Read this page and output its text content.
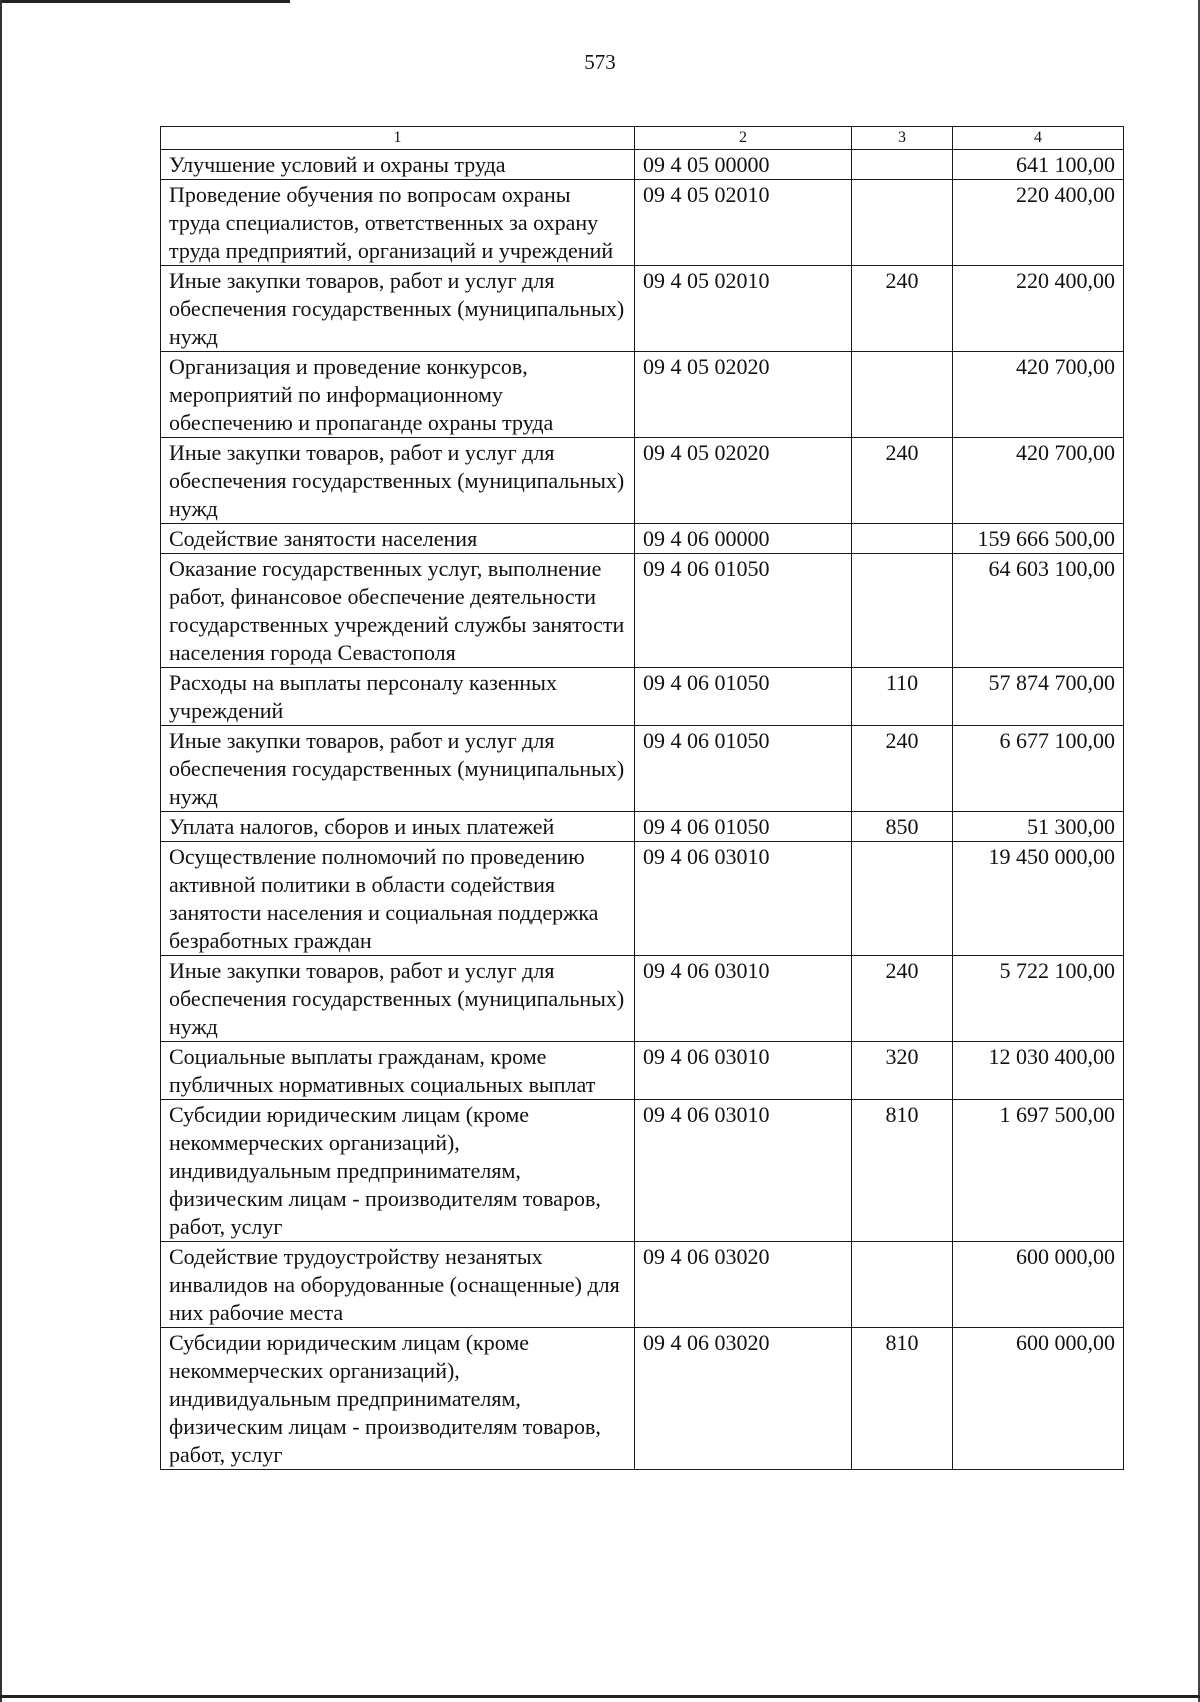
573
1	2	3	4
Улучшение условий и охраны труда	09 4 05 00000		641 100,00
Проведение обучения по вопросам охраны труда специалистов, ответственных за охрану труда предприятий, организаций и учреждений	09 4 05 02010		220 400,00
Иные закупки товаров, работ и услуг для обеспечения государственных (муниципальных) нужд	09 4 05 02010	240	220 400,00
Организация и проведение конкурсов, мероприятий по информационному обеспечению и пропаганде охраны труда	09 4 05 02020		420 700,00
Иные закупки товаров, работ и услуг для обеспечения государственных (муниципальных) нужд	09 4 05 02020	240	420 700,00
Содействие занятости населения	09 4 06 00000		159 666 500,00
Оказание государственных услуг, выполнение работ, финансовое обеспечение деятельности государственных учреждений службы занятости населения города Севастополя	09 4 06 01050		64 603 100,00
Расходы на выплаты персоналу казенных учреждений	09 4 06 01050	110	57 874 700,00
Иные закупки товаров, работ и услуг для обеспечения государственных (муниципальных) нужд	09 4 06 01050	240	6 677 100,00
Уплата налогов, сборов и иных платежей	09 4 06 01050	850	51 300,00
Осуществление полномочий по проведению активной политики в области содействия занятости населения и социальная поддержка безработных граждан	09 4 06 03010		19 450 000,00
Иные закупки товаров, работ и услуг для обеспечения государственных (муниципальных) нужд	09 4 06 03010	240	5 722 100,00
Социальные выплаты гражданам, кроме публичных нормативных социальных выплат	09 4 06 03010	320	12 030 400,00
Субсидии юридическим лицам (кроме некоммерческих организаций), индивидуальным предпринимателям, физическим лицам - производителям товаров, работ, услуг	09 4 06 03010	810	1 697 500,00
Содействие трудоустройству незанятых инвалидов на оборудованные (оснащенные) для них рабочие места	09 4 06 03020		600 000,00
Субсидии юридическим лицам (кроме некоммерческих организаций), индивидуальным предпринимателям, физическим лицам - производителям товаров, работ, услуг	09 4 06 03020	810	600 000,00
